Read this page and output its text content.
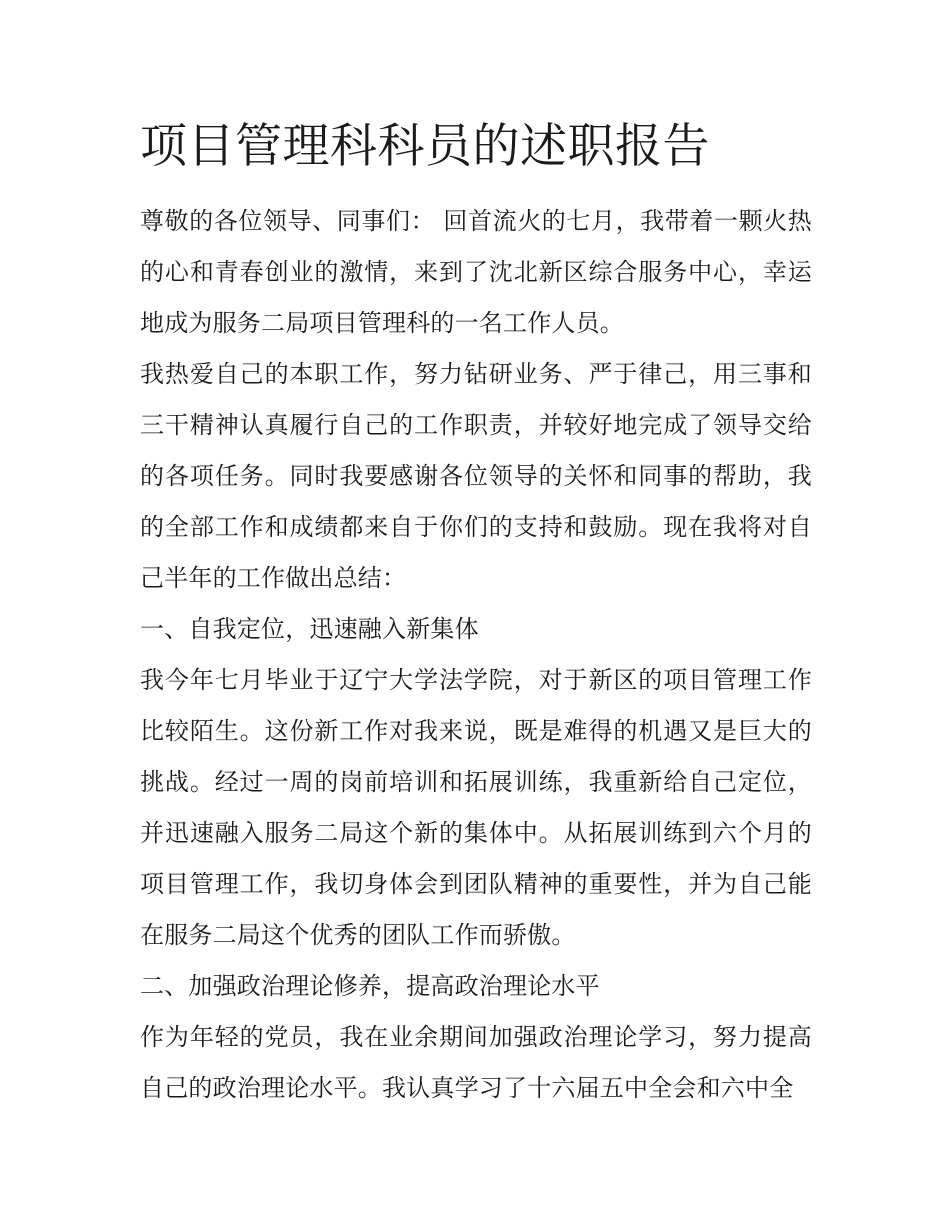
项目管理科科员的述职报告

尊敬的各位领导、同事们： 回首流火的七月，我带着一颗火热的心和青春创业的激情，来到了沈北新区综合服务中心，幸运地成为服务二局项目管理科的一名工作人员。

我热爱自己的本职工作，努力钻研业务、严于律己，用三事和三干精神认真履行自己的工作职责，并较好地完成了领导交给的各项任务。同时我要感谢各位领导的关怀和同事的帮助，我的全部工作和成绩都来自于你们的支持和鼓励。现在我将对自己半年的工作做出总结：

一、自我定位，迅速融入新集体

我今年七月毕业于辽宁大学法学院，对于新区的项目管理工作比较陌生。这份新工作对我来说，既是难得的机遇又是巨大的挑战。经过一周的岗前培训和拓展训练，我重新给自己定位，并迅速融入服务二局这个新的集体中。从拓展训练到六个月的项目管理工作，我切身体会到团队精神的重要性，并为自己能在服务二局这个优秀的团队工作而骄傲。

二、加强政治理论修养，提高政治理论水平

作为年轻的党员，我在业余期间加强政治理论学习，努力提高自己的政治理论水平。我认真学习了十六届五中全会和六中全
